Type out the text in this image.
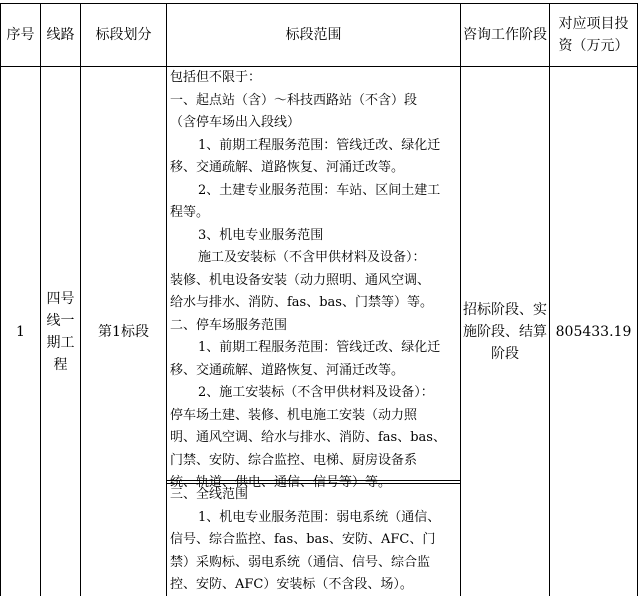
序号 线路 标段划分	标段范围	咨询工作阶段
对应项目投
资（万元）
1
四号
线一
期工
程
第1标段
招标阶段、实
施阶段、结算
阶段
805433.19
包括但不限于：
一、起点站（含）～科技西路站（不含）段
（含停车场出入段线）
1、前期工程服务范围：管线迁改、绿化迁
移、交通疏解、道路恢复、河涌迁改等。
2、土建专业服务范围：车站、区间土建工
程等。
3、机电专业服务范围
施工及安装标（不含甲供材料及设备）：
装修、机电设备安装（动力照明、通风空调、
给水与排水、消防、fas、bas、门禁等）等。
二、停车场服务范围
1、前期工程服务范围：管线迁改、绿化迁
移、交通疏解、道路恢复、河涌迁改等。
2、施工安装标（不含甲供材料及设备）：
停车场土建、装修、机电施工安装（动力照
明、通风空调、给水与排水、消防、fas、bas、
门禁、安防、综合监控、电梯、厨房设备系
统、轨道、供电、通信、信号等）等。
三、全线范围
1、机电专业服务范围：弱电系统（通信、
信号、综合监控、fas、bas、安防、AFC、门
禁）采购标、弱电系统（通信、信号、综合监
控、安防、AFC）安装标（不含段、场）。
